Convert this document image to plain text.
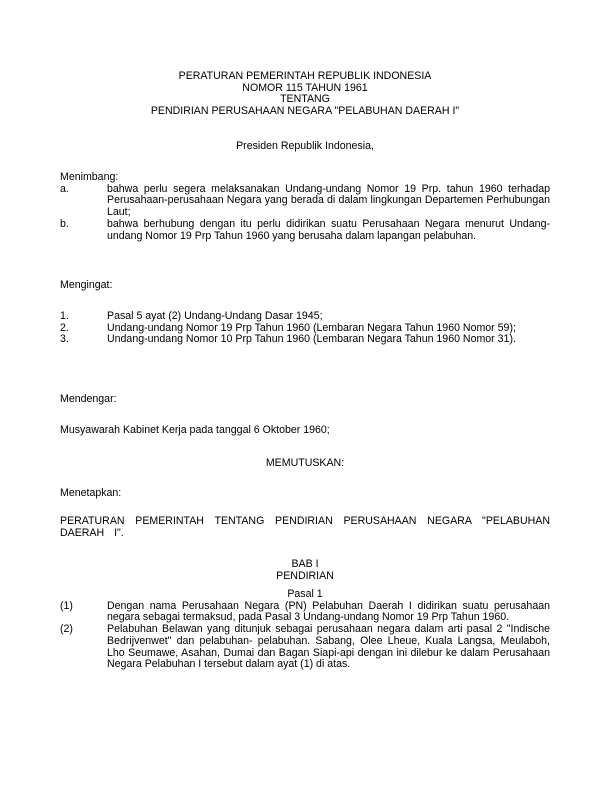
PERATURAN PEMERINTAH REPUBLIK INDONESIA
NOMOR 115 TAHUN 1961
TENTANG
PENDIRIAN PERUSAHAAN NEGARA "PELABUHAN DAERAH I"
Presiden Republik Indonesia,
Menimbang:
a.	bahwa perlu segera melaksanakan Undang-undang Nomor 19 Prp. tahun 1960 terhadap Perusahaan-perusahaan Negara yang berada di dalam lingkungan Departemen Perhubungan Laut;
b.	bahwa berhubung dengan itu perlu didirikan suatu Perusahaan Negara menurut Undang-undang Nomor 19 Prp Tahun 1960 yang berusaha dalam lapangan pelabuhan.
Mengingat:
1.	Pasal 5 ayat (2) Undang-Undang Dasar 1945;
2.	Undang-undang Nomor 19 Prp Tahun 1960 (Lembaran Negara Tahun 1960 Nomor 59);
3.	Undang-undang Nomor 10 Prp Tahun 1960 (Lembaran Negara Tahun 1960 Nomor 31).
Mendengar:
Musyawarah Kabinet Kerja pada tanggal 6 Oktober 1960;
MEMUTUSKAN:
Menetapkan:
PERATURAN PEMERINTAH TENTANG PENDIRIAN PERUSAHAAN NEGARA "PELABUHAN DAERAH I".
BAB I
PENDIRIAN
Pasal 1
(1)	Dengan nama Perusahaan Negara (PN) Pelabuhan Daerah I didirikan suatu perusahaan negara sebagai termaksud, pada Pasal 3 Undang-undang Nomor 19 Prp Tahun 1960.
(2)	Pelabuhan Belawan yang ditunjuk sebagai perusahaan negara dalam arti pasal 2 "Indische Bedrijvenwet" dan pelabuhan- pelabuhan. Sabang, Olee Lheue, Kuala Langsa, Meulaboh, Lho Seumawe, Asahan, Dumai dan Bagan Siapi-api dengan ini dilebur ke dalam Perusahaan Negara Pelabuhan I tersebut dalam ayat (1) di atas.
